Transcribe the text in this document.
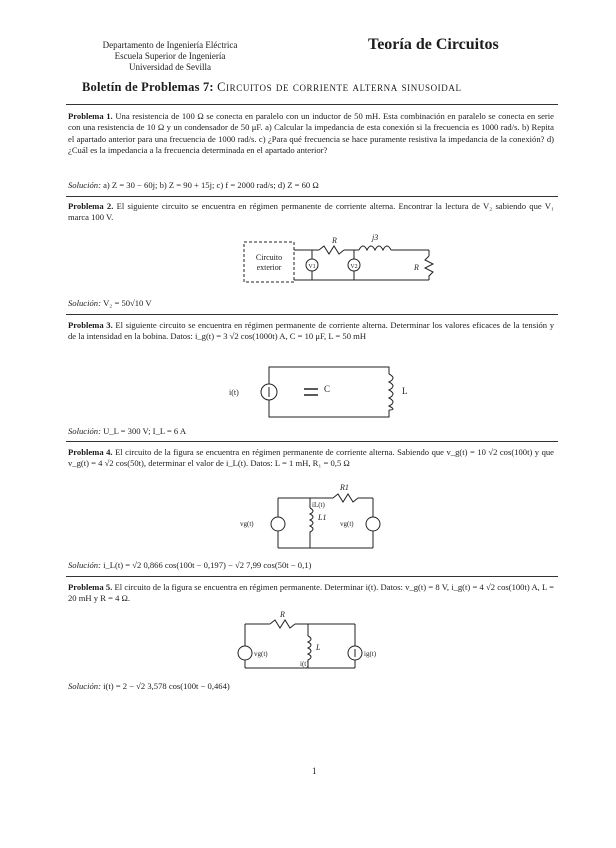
Departamento de Ingeniería Eléctrica
Escuela Superior de Ingeniería
Universidad de Sevilla
Teoría de Circuitos
Boletín de Problemas 7: Circuitos de corriente alterna sinusoidal
Problema 1. Una resistencia de 100 Ω se conecta en paralelo con un inductor de 50 mH. Esta combinación en paralelo se conecta en serie con una resistencia de 10 Ω y un condensador de 50 μF. a) Calcular la impedancia de esta conexión si la frecuencia es 1000 rad/s. b) Repita el apartado anterior para una frecuencia de 1000 rad/s. c) ¿Para qué frecuencia se hace puramente resistiva la impedancia de la conexión? d) ¿Cuál es la impedancia a la frecuencia determinada en el apartado anterior?
Solución: a) Z = 30 − 60j; b) Z = 90 + 15j; c) f = 2000 rad/s; d) Z = 60 Ω
Problema 2. El siguiente circuito se encuentra en régimen permanente de corriente alterna. Encontrar la lectura de V₂ sabiendo que V₁ marca 100 V.
Circuito
exterior	V1
R
V2
j3
R
Solución: V₂ = 50√10 V
Problema 3. El siguiente circuito se encuentra en régimen permanente de corriente alterna. Determinar los valores eficaces de la tensión y de la intensidad en la bobina. Datos: i_g(t) = 3 √2 cos(1000t) A, C = 10 μF, L = 50 mH
i(t)	C	L
Solución: U_L = 300 V; I_L = 6 A
Problema 4. El circuito de la figura se encuentra en régimen permanente de corriente alterna. Sabiendo que v_g(t) = 10 √2 cos(100t) y que v_g(t) = 4 √2 cos(50t), determinar el valor de i_L(t). Datos: L = 1 mH, R₁ = 0,5 Ω
R1
vg(t)
L1
iL(t)
vg(t)
Solución: i_L(t) = √2 0,866 cos(100t − 0,197) − √2 7,99 cos(50t − 0,1)
Problema 5. El circuito de la figura se encuentra en régimen permanente. Determinar i(t). Datos: v_g(t) = 8 V, i_g(t) = 4 √2 cos(100t) A, L = 20 mH y R = 4 Ω.
R
vg(t)
L
i(t)
ig(t)
Solución: i(t) = 2 − √2 3,578 cos(100t − 0,464)
1
